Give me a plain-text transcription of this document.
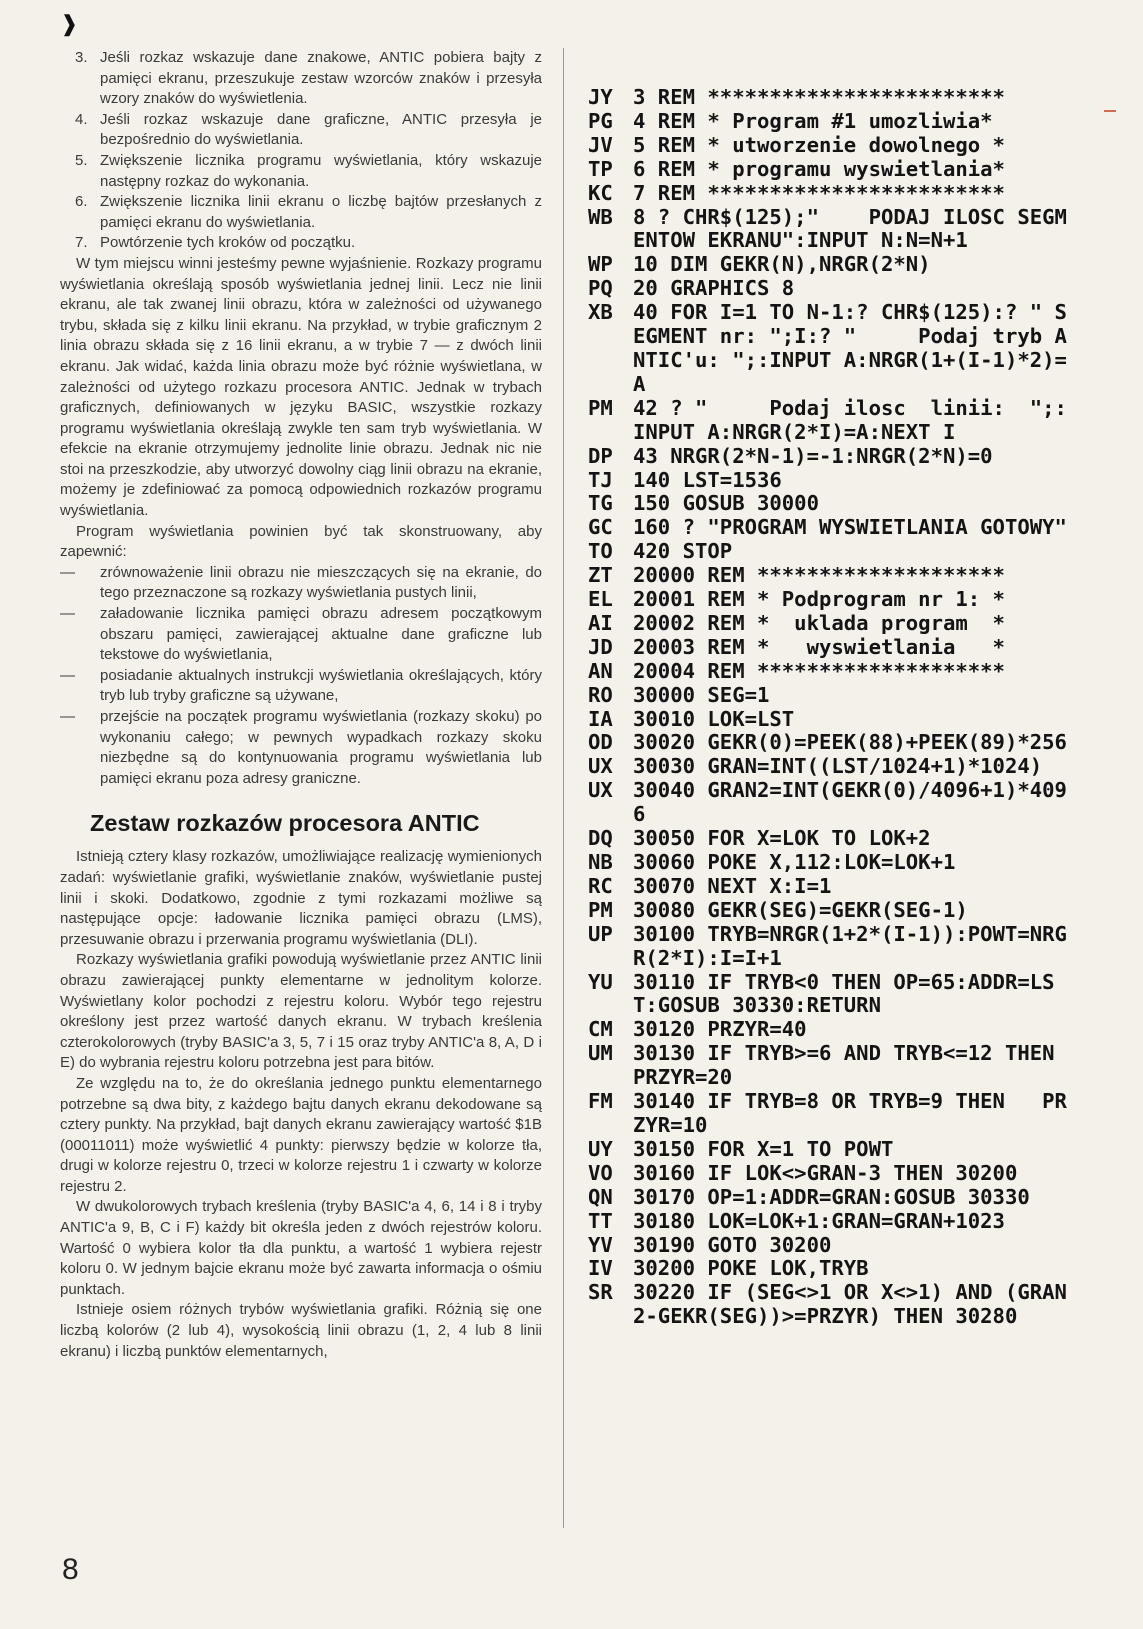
❱
3. Jeśli rozkaz wskazuje dane znakowe, ANTIC pobiera bajty z pamięci ekranu, przeszukuje zestaw wzorców znaków i przesyła wzory znaków do wyświetlenia.
4. Jeśli rozkaz wskazuje dane graficzne, ANTIC przesyła je bezpośrednio do wyświetlania.
5. Zwiększenie licznika programu wyświetlania, który wskazuje następny rozkaz do wykonania.
6. Zwiększenie licznika linii ekranu o liczbę bajtów przesłanych z pamięci ekranu do wyświetlania.
7. Powtórzenie tych kroków od początku.

W tym miejscu winni jesteśmy pewne wyjaśnienie. Rozkazy programu wyświetlania określają sposób wyświetlania jednej linii. Lecz nie linii ekranu, ale tak zwanej linii obrazu, która w zależności od używanego trybu, składa się z kilku linii ekranu. Na przykład, w trybie graficznym 2 linia obrazu składa się z 16 linii ekranu, a w trybie 7 — z dwóch linii ekranu. Jak widać, każda linia obrazu może być różnie wyświetlana, w zależności od użytego rozkazu procesora ANTIC. Jednak w trybach graficznych, definiowanych w języku BASIC, wszystkie rozkazy programu wyświetlania określają zwykle ten sam tryb wyświetlania. W efekcie na ekranie otrzymujemy jednolite linie obrazu. Jednak nic nie stoi na przeszkodzie, aby utworzyć dowolny ciąg linii obrazu na ekranie, możemy je zdefiniować za pomocą odpowiednich rozkazów programu wyświetlania.

Program wyświetlania powinien być tak skonstruowany, aby zapewnić:

— zrównoważenie linii obrazu nie mieszczących się na ekranie, do tego przeznaczone są rozkazy wyświetlania pustych linii,
— załadowanie licznika pamięci obrazu adresem początkowym obszaru pamięci, zawierającej aktualne dane graficzne lub tekstowe do wyświetlania,
— posiadanie aktualnych instrukcji wyświetlania określających, który tryb lub tryby graficzne są używane,
— przejście na początek programu wyświetlania (rozkazy skoku) po wykonaniu całego; w pewnych wypadkach rozkazy skoku niezbędne są do kontynuowania programu wyświetlania lub pamięci ekranu poza adresy graniczne.
Zestaw rozkazów procesora ANTIC

Istnieją cztery klasy rozkazów, umożliwiające realizację wymienionych zadań: wyświetlanie grafiki, wyświetlanie znaków, wyświetlanie pustej linii i skoki. Dodatkowo, zgodnie z tymi rozkazami możliwe są następujące opcje: ładowanie licznika pamięci obrazu (LMS), przesuwanie obrazu i przerwania programu wyświetlania (DLI).

Rozkazy wyświetlania grafiki powodują wyświetlanie przez ANTIC linii obrazu zawierającej punkty elementarne w jednolitym kolorze. Wyświetlany kolor pochodzi z rejestru koloru. Wybór tego rejestru określony jest przez wartość danych ekranu. W trybach kreślenia czterokolorowych (tryby BASIC'a 3, 5, 7 i 15 oraz tryby ANTIC'a 8, A, D i E) do wybrania rejestru koloru potrzebna jest para bitów.

Ze względu na to, że do określania jednego punktu elementarnego potrzebne są dwa bity, z każdego bajtu danych ekranu dekodowane są cztery punkty. Na przykład, bajt danych ekranu zawierający wartość $1B (00011011) może wyświetlić 4 punkty: pierwszy będzie w kolorze tła, drugi w kolorze rejestru 0, trzeci w kolorze rejestru 1 i czwarty w kolorze rejestru 2.

W dwukolorowych trybach kreślenia (tryby BASIC'a 4, 6, 14 i 8 i tryby ANTIC'a 9, B, C i F) każdy bit określa jeden z dwóch rejestrów koloru. Wartość 0 wybiera kolor tła dla punktu, a wartość 1 wybiera rejestr koloru 0. W jednym bajcie ekranu może być zawarta informacja o ośmiu punktach.

Istnieje osiem różnych trybów wyświetlania grafiki. Różnią się one liczbą kolorów (2 lub 4), wysokością linii obrazu (1, 2, 4 lub 8 linii ekranu) i liczbą punktów elementarnych,

JY 3 REM ************************
PG 4 REM * Program #1 umozliwia*
JV 5 REM * utworzenie dowolnego *
TP 6 REM * programu wyswietlania*
KC 7 REM ************************
WB 8 ? CHR$(125);"    PODAJ ILOSC SEGMENTOW EKRANU":INPUT N:N=N+1
WP 10 DIM GEKR(N),NRGR(2*N)
PQ 20 GRAPHICS 8
XB 40 FOR I=1 TO N-1:? CHR$(125):? " SEGMENT nr: ";I:? "     Podaj tryb ANTIC'u: ";:INPUT A:NRGR(1+(I-1)*2)=A
PM 42 ? "     Podaj ilosc  linii:  ";:INPUT A:NRGR(2*I)=A:NEXT I
DP 43 NRGR(2*N-1)=-1:NRGR(2*N)=0
TJ 140 LST=1536
TG 150 GOSUB 30000
GC 160 ? "PROGRAM WYSWIETLANIA GOTOWY"
TO 420 STOP
ZT 20000 REM ********************
EL 20001 REM * Podprogram nr 1: *
AI 20002 REM *  uklada program  *
JD 20003 REM *   wyswietlania   *
AN 20004 REM ********************
RO 30000 SEG=1
IA 30010 LOK=LST
OD 30020 GEKR(0)=PEEK(88)+PEEK(89)*256
UX 30030 GRAN=INT((LST/1024+1)*1024)
UX 30040 GRAN2=INT(GEKR(0)/4096+1)*4096
DQ 30050 FOR X=LOK TO LOK+2
NB 30060 POKE X,112:LOK=LOK+1
RC 30070 NEXT X:I=1
PM 30080 GEKR(SEG)=GEKR(SEG-1)
UP 30100 TRYB=NRGR(1+2*(I-1)):POWT=NRGR(2*I):I=I+1
YU 30110 IF TRYB<0 THEN OP=65:ADDR=LST:GOSUB 30330:RETURN
CM 30120 PRZYR=40
UM 30130 IF TRYB>=6 AND TRYB<=12 THEN PRZYR=20
FM 30140 IF TRYB=8 OR TRYB=9 THEN   PRZYR=10
UY 30150 FOR X=1 TO POWT
VO 30160 IF LOK<>GRAN-3 THEN 30200
QN 30170 OP=1:ADDR=GRAN:GOSUB 30330
TT 30180 LOK=LOK+1:GRAN=GRAN+1023
YV 30190 GOTO 30200
IV 30200 POKE LOK,TRYB
SR 30220 IF (SEG<>1 OR X<>1) AND (GRAN2-GEKR(SEG))>=PRZYR) THEN 30280
8
